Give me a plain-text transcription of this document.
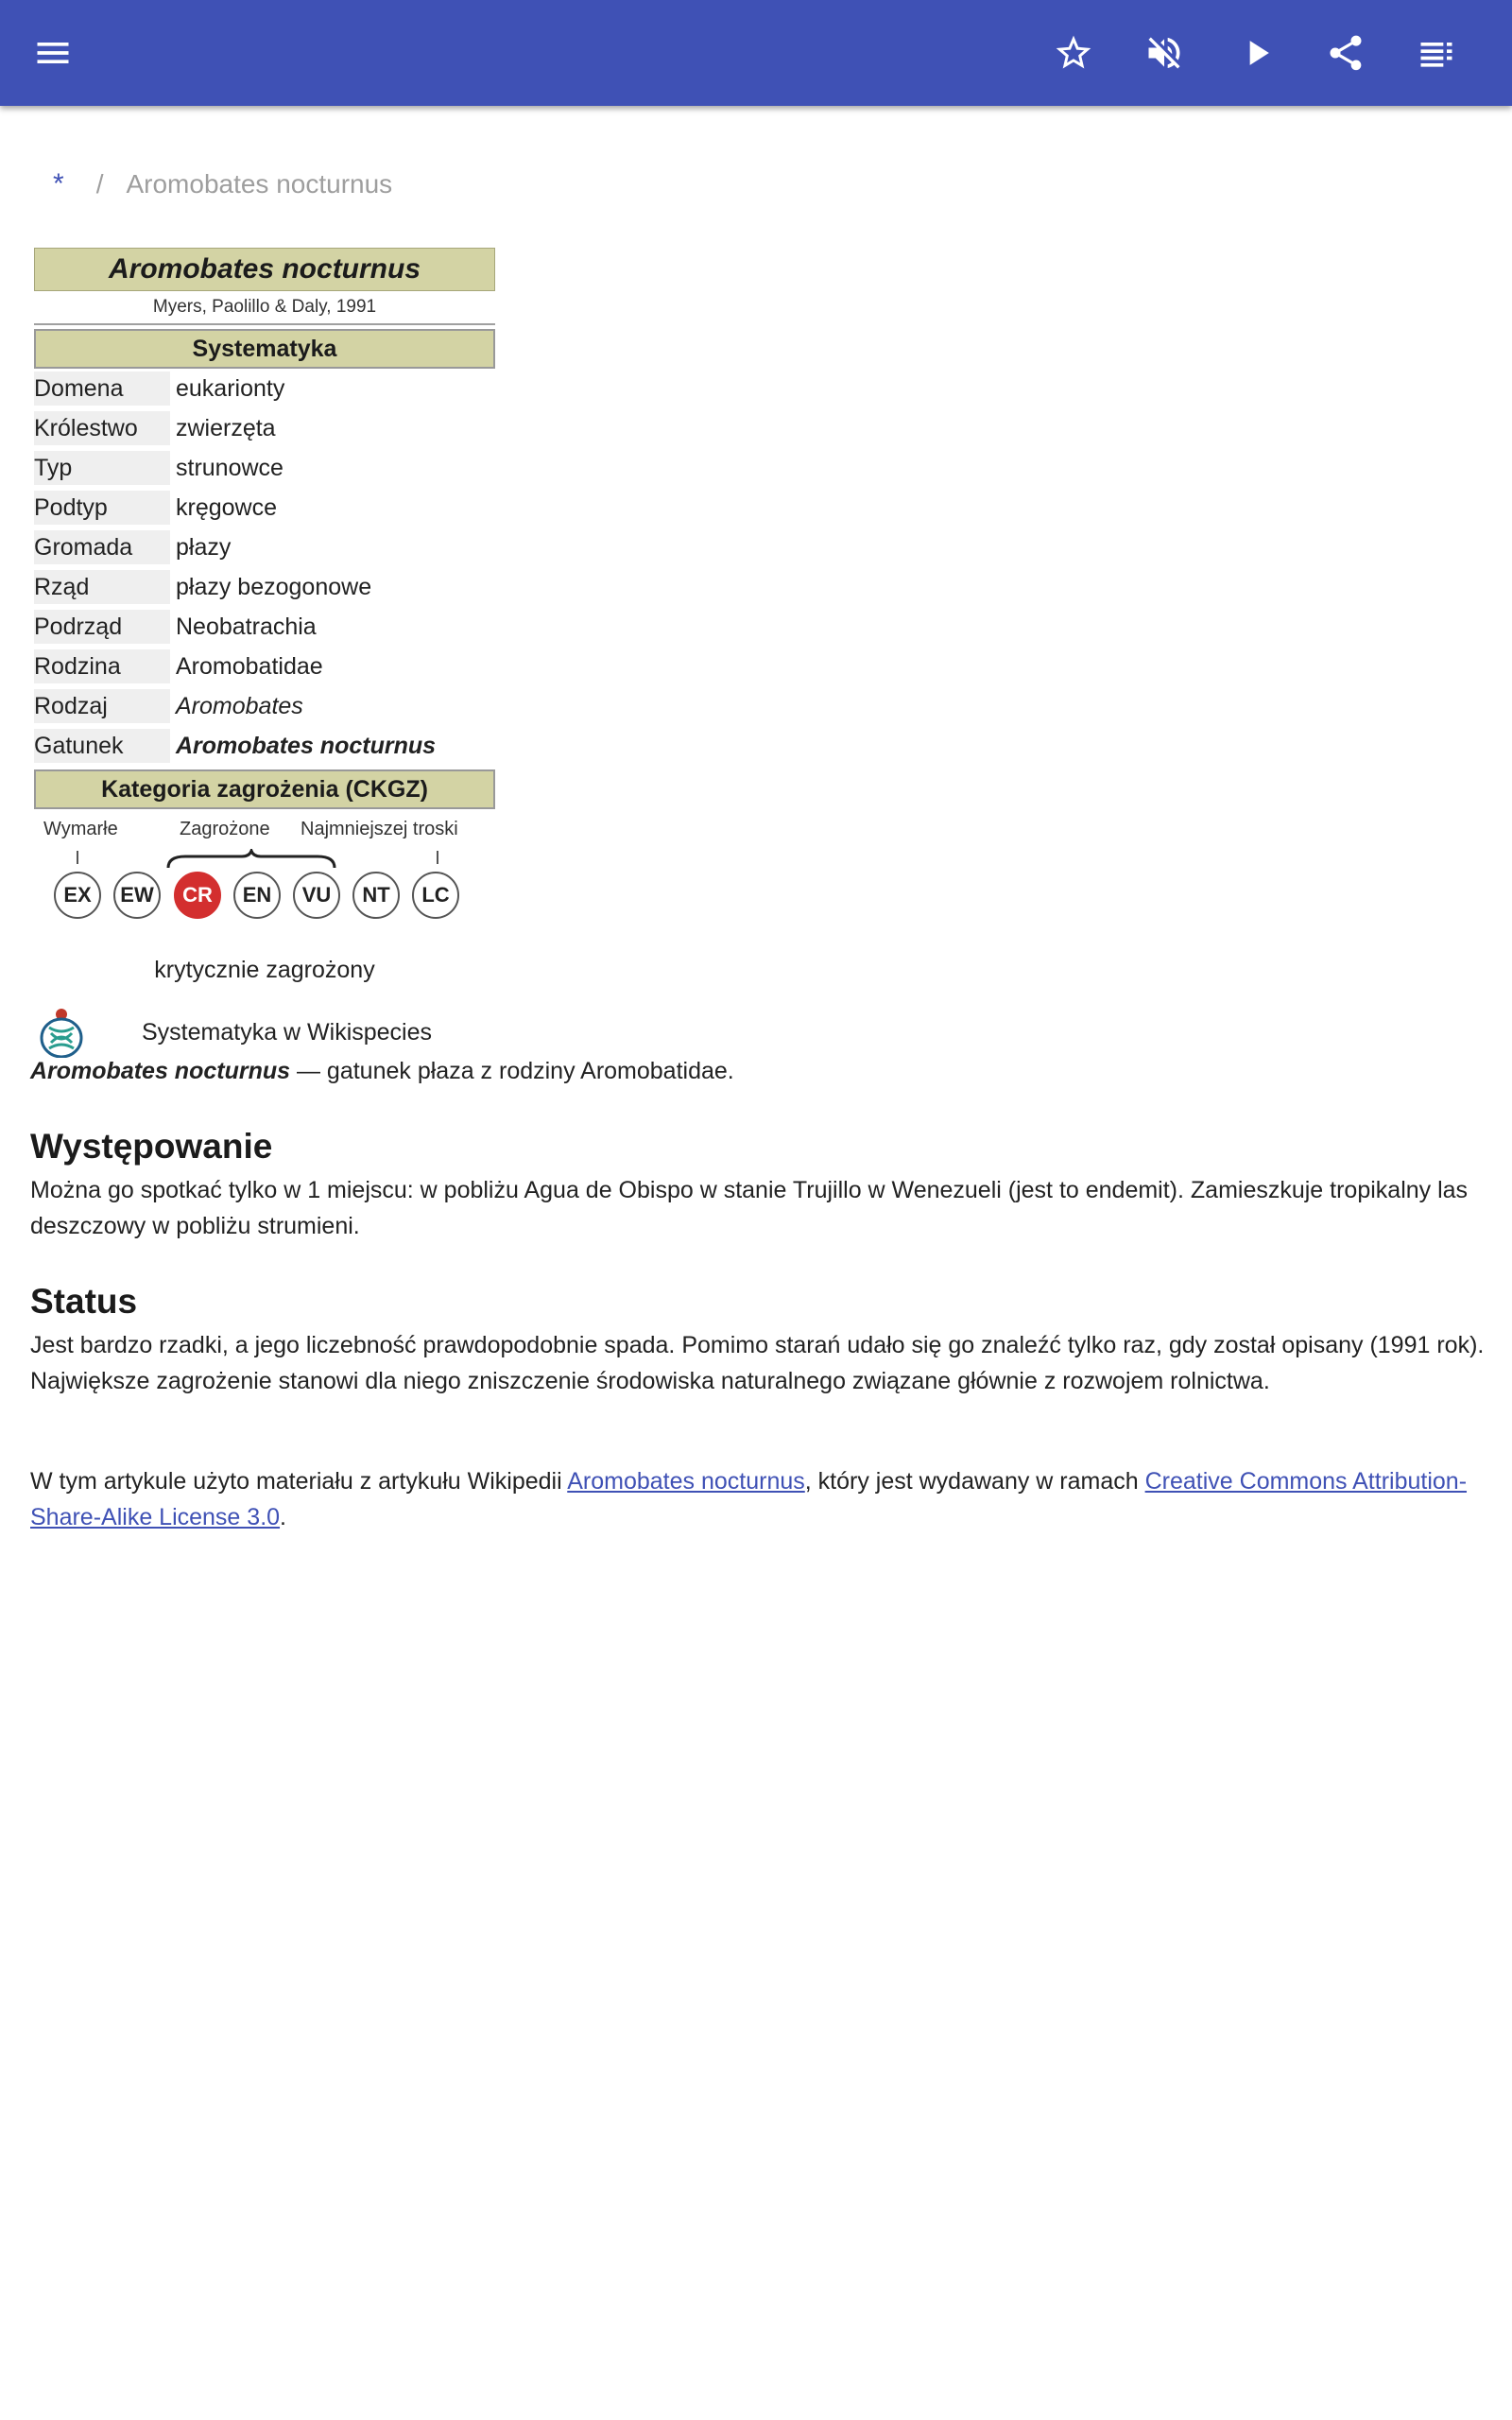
* / Aromobates nocturnus
Aromobates nocturnus
Myers, Paolillo & Daly, 1991
Systematyka
Domena	eukarionty
Królestwo	zwierzęta
Typ	strunowce
Podtyp	kręgowce
Gromada	płazy
Rząd	płazy bezogonowe
Podrząd	Neobatrachia
Rodzina	Aromobatidae
Rodzaj	Aromobates
Gatunek	Aromobates nocturnus
Kategoria zagrożenia (CKGZ)
Wymarłe	Zagrożone Najmniejszej troski
EX	EW	CR	EN	VU	NT	LC
krytycznie zagrożony
Systematyka w Wikispecies

Aromobates nocturnus — gatunek płaza z rodziny Aromobatidae.

Występowanie

Można go spotkać tylko w 1 miejscu: w pobliżu Agua de Obispo w stanie Trujillo w Wenezueli (jest to endemit). Zamieszkuje tropikalny las deszczowy w pobliżu strumieni.

Status

Jest bardzo rzadki, a jego liczebność prawdopodobnie spada. Pomimo starań udało się go znaleźć tylko raz, gdy został opisany (1991 rok). Największe zagrożenie stanowi dla niego zniszczenie środowiska naturalnego związane głównie z rozwojem rolnictwa.

W tym artykule użyto materiału z artykułu Wikipedii Aromobates nocturnus, który jest wydawany w ramach Creative Commons Attribution-Share-Alike License 3.0.
